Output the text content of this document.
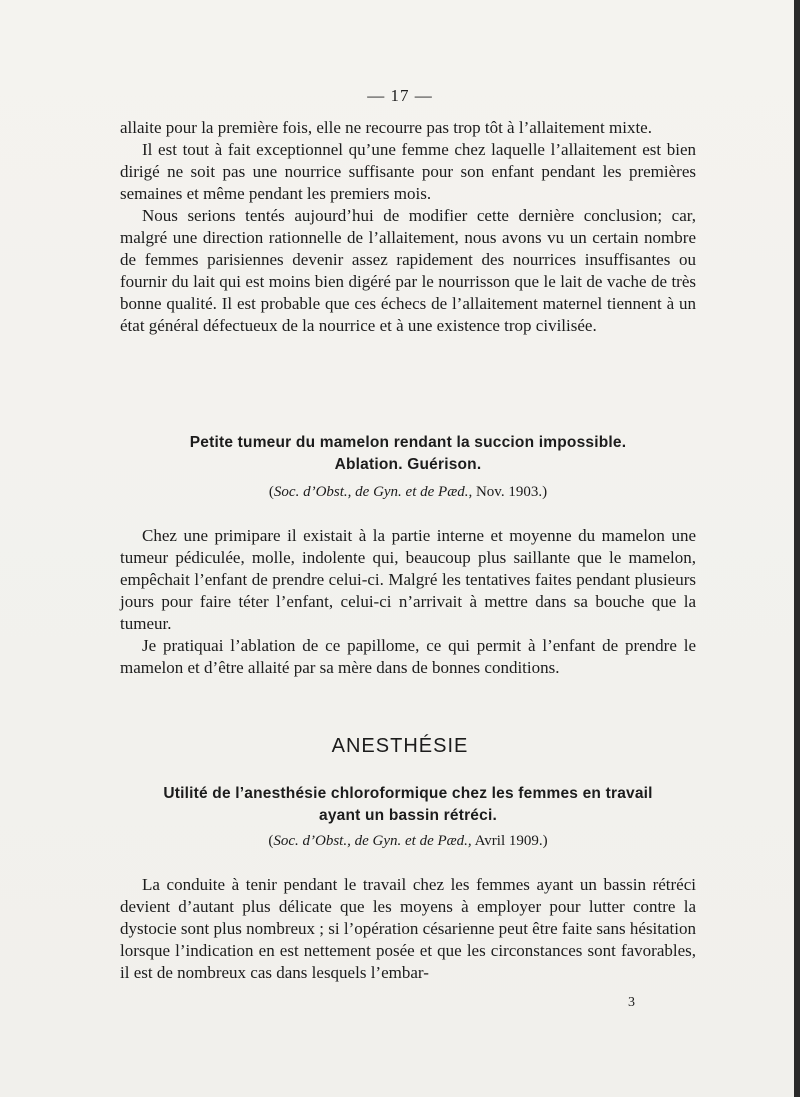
— 17 —

allaite pour la première fois, elle ne recourre pas trop tôt à l’allaitement mixte.

Il est tout à fait exceptionnel qu’une femme chez laquelle l’allaitement est bien dirigé ne soit pas une nourrice suffisante pour son enfant pendant les premières semaines et même pendant les premiers mois.

Nous serions tentés aujourd’hui de modifier cette dernière conclusion; car, malgré une direction rationnelle de l’allaitement, nous avons vu un certain nombre de femmes parisiennes devenir assez rapidement des nourrices insuffisantes ou fournir du lait qui est moins bien digéré par le nourrisson que le lait de vache de très bonne qualité. Il est probable que ces échecs de l’allaitement maternel tiennent à un état général défectueux de la nourrice et à une existence trop civilisée.

Petite tumeur du mamelon rendant la succion impossible.
Ablation. Guérison.
(Soc. d’Obst., de Gyn. et de Pæd., Nov. 1903.)

Chez une primipare il existait à la partie interne et moyenne du mamelon une tumeur pédiculée, molle, indolente qui, beaucoup plus saillante que le mamelon, empêchait l’enfant de prendre celui-ci. Malgré les tentatives faites pendant plusieurs jours pour faire téter l’enfant, celui-ci n’arrivait à mettre dans sa bouche que la tumeur.

Je pratiquai l’ablation de ce papillome, ce qui permit à l’enfant de prendre le mamelon et d’être allaité par sa mère dans de bonnes conditions.

ANESTHÉSIE
Utilité de l’anesthésie chloroformique chez les femmes en travail
ayant un bassin rétréci.
(Soc. d’Obst., de Gyn. et de Pæd., Avril 1909.)

La conduite à tenir pendant le travail chez les femmes ayant un bassin rétréci devient d’autant plus délicate que les moyens à employer pour lutter contre la dystocie sont plus nombreux ; si l’opération césarienne peut être faite sans hésitation lorsque l’indication en est nettement posée et que les circonstances sont favorables, il est de nombreux cas dans lesquels l’embar-

3
